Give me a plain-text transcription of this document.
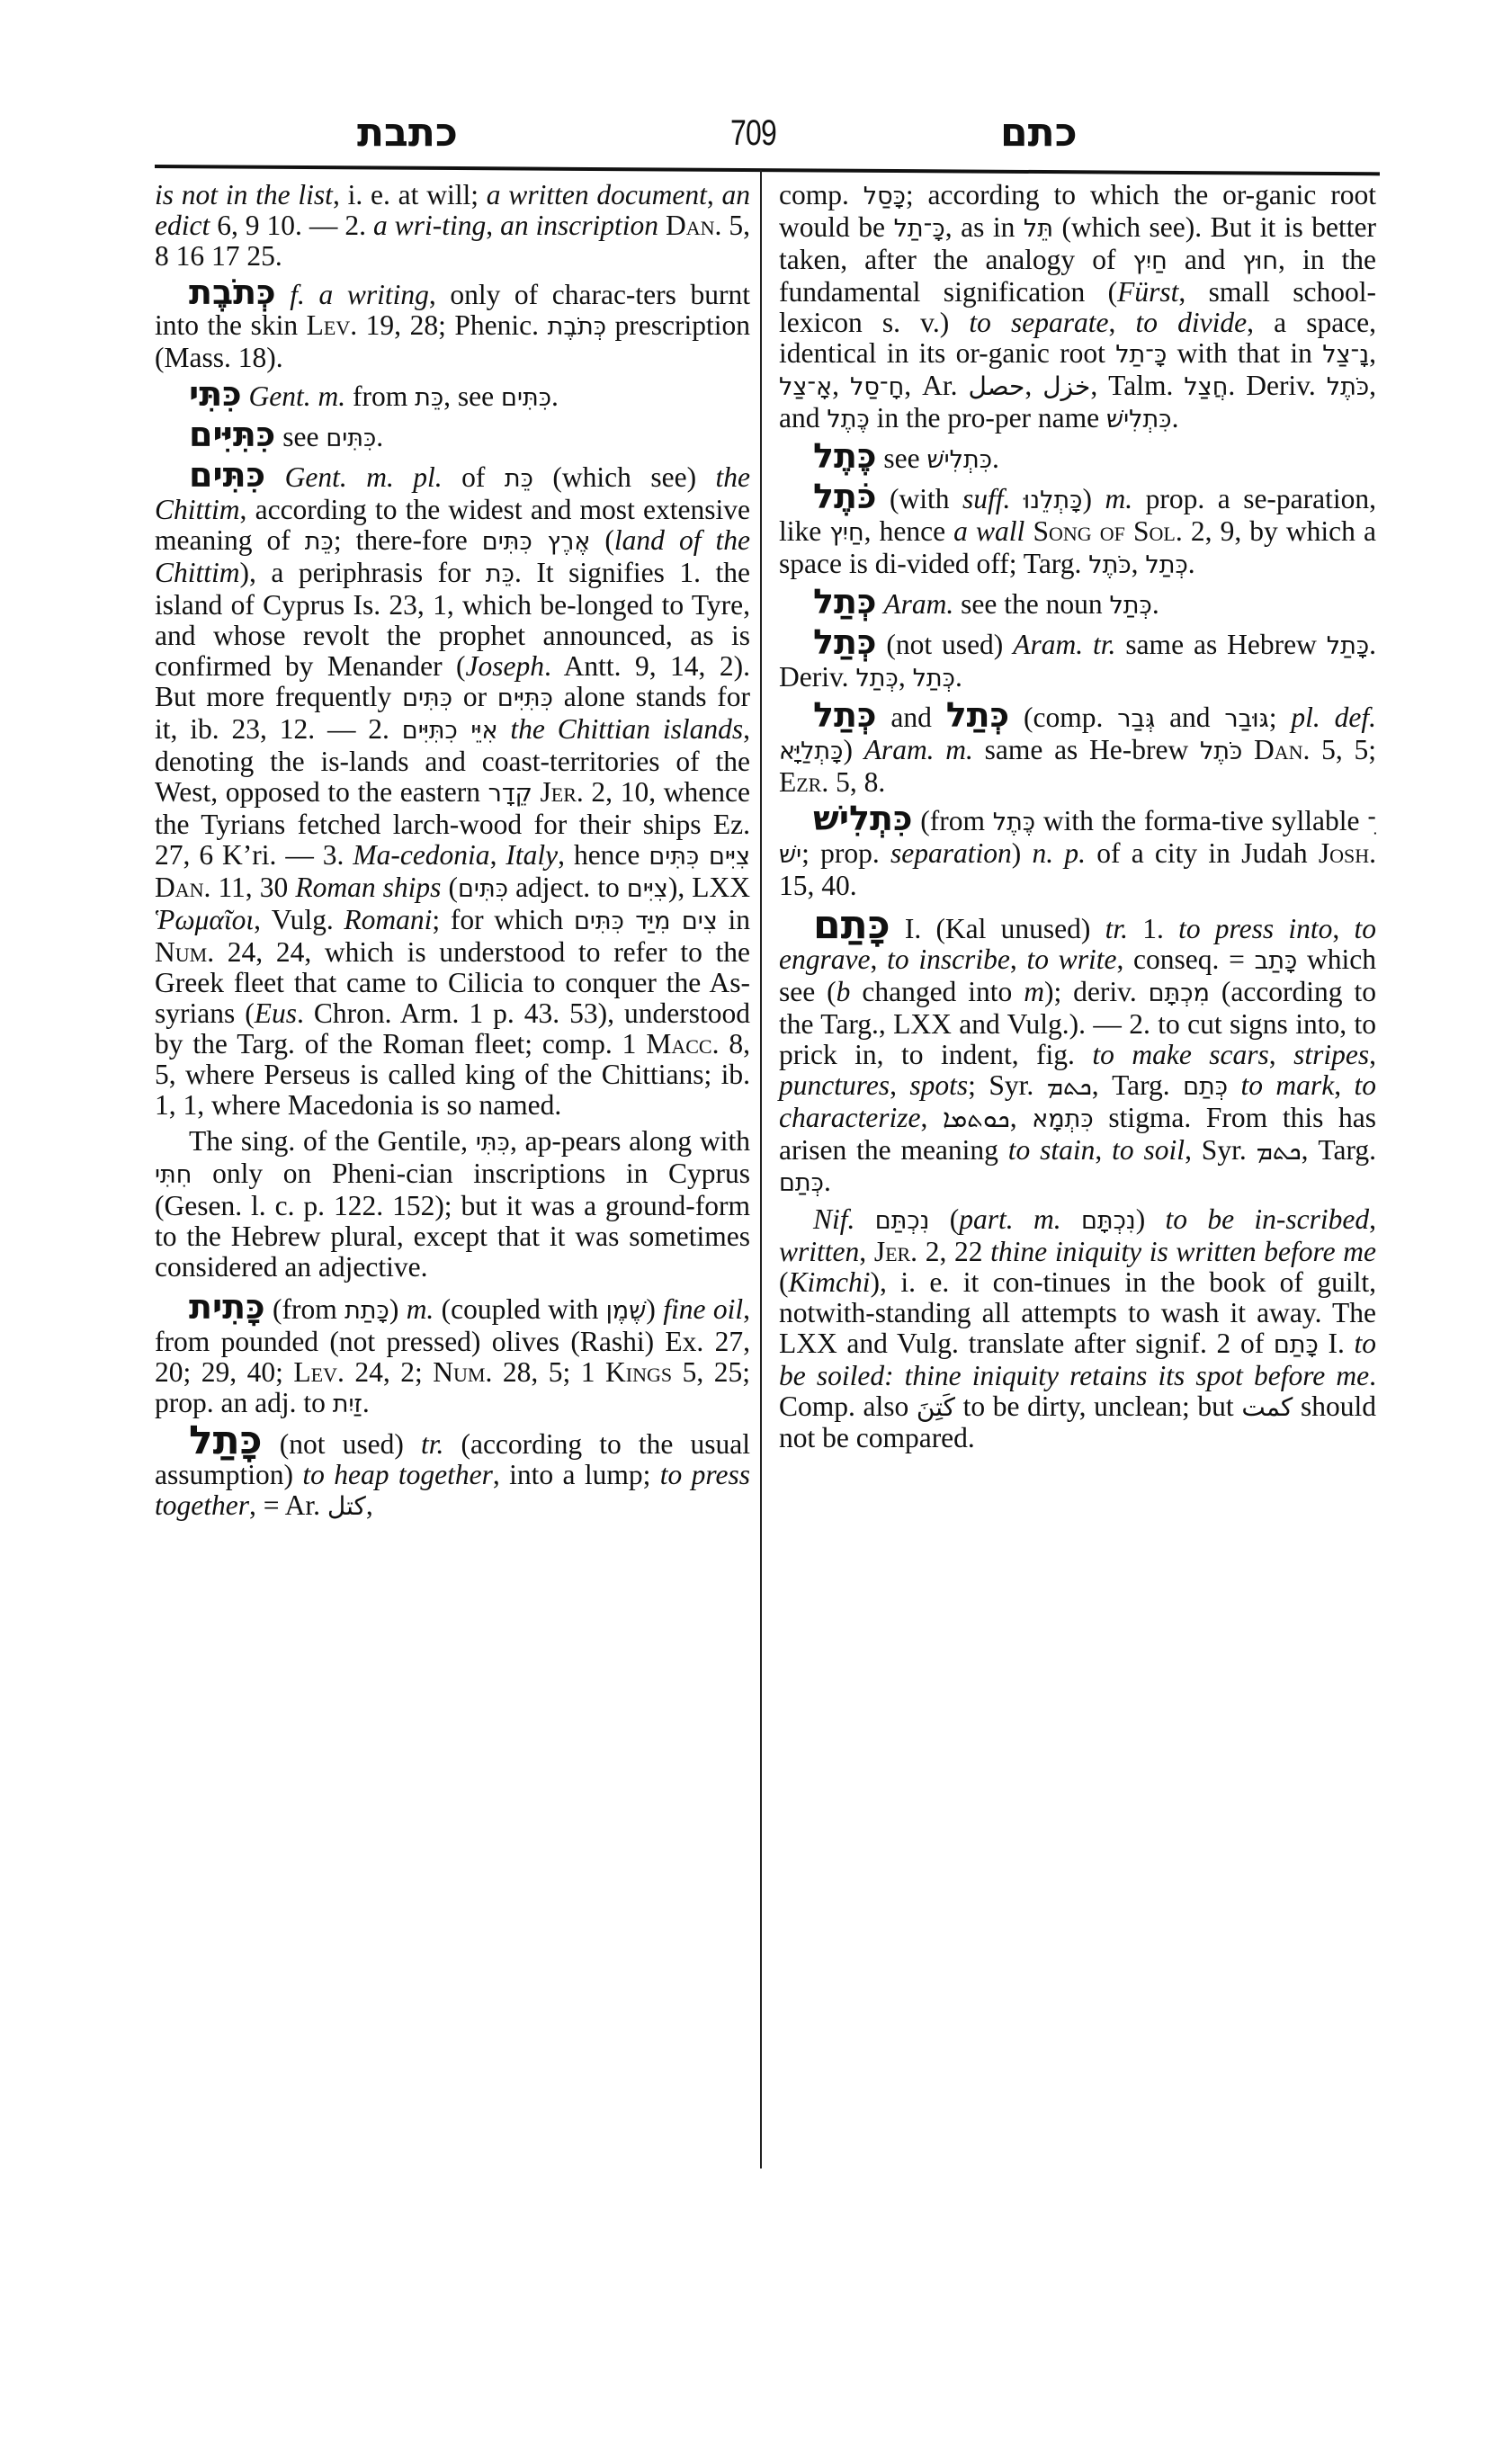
כתבת	709	כתם

is not in the list, i. e. at will; a written document, an edict 6, 9 10. — 2. a wri-ting, an inscription Dan. 5, 8 16 17 25.

כְּתֹבֶת f. a writing, only of charac-ters burnt into the skin Lev. 19, 28; Phenic. כְּתֹבֶת prescription (Mass. 18).

כִּתִּי Gent. m. from כֵּת, see כִּתִּים.

כִּתִּיִּים see כִּתִּים.

כִּתִּים Gent. m. pl. of כֵּת (which see) the Chittim, according to the widest and most extensive meaning of כֵּת; there-fore אֶרֶץ כִּתִּים (land of the Chittim), a periphrasis for כֵּת. It signifies 1. the island of Cyprus Is. 23, 1, which be-longed to Tyre, and whose revolt the prophet announced, as is confirmed by Menander (Joseph. Antt. 9, 14, 2). But more frequently כִּתִּים or כִּתִּיִּים alone stands for it, ib. 23, 12. — 2. אִיֵּי כִתִּיִּים the Chittian islands, denoting the is-lands and coast-territories of the West, opposed to the eastern קֵדָר Jer. 2, 10, whence the Tyrians fetched larch-wood for their ships Ez. 27, 6 K’ri. — 3. Ma-cedonia, Italy, hence צִיִּים כִּתִּים Dan. 11, 30 Roman ships (כִּתִּים adject. to צִיִּים), LXX Ῥωμαῖοι, Vulg. Romani; for which צִים מִיַּד כִּתִּים in Num. 24, 24, which is understood to refer to the Greek fleet that came to Cilicia to conquer the As-syrians (Eus. Chron. Arm. 1 p. 43. 53), understood by the Targ. of the Roman fleet; comp. 1 Macc. 8, 5, where Perseus is called king of the Chittians; ib. 1, 1, where Macedonia is so named.

The sing. of the Gentile, כִּתִּי, ap-pears along with חִתִּי only on Pheni-cian inscriptions in Cyprus (Gesen. l. c. p. 122. 152); but it was a ground-form to the Hebrew plural, except that it was sometimes considered an adjective.

כָּתִית (from כָּתַת) m. (coupled with שֶׁמֶן) fine oil, from pounded (not pressed) olives (Rashi) Ex. 27, 20; 29, 40; Lev. 24, 2; Num. 28, 5; 1 Kings 5, 25; prop. an adj. to זַיִת.

כָּתַל (not used) tr. (according to the usual assumption) to heap together, into a lump; to press together, = Ar. كتل,

comp. כָּסַל; according to which the or-ganic root would be כָּ־תַל, as in תֵּל (which see). But it is better taken, after the analogy of חַיִץ and חוּץ, in the fundamental signification (Fürst, small school-lexicon s. v.) to separate, to divide, a space, identical in its or-ganic root כָּ־תַל with that in נָ־צַל, אָ־צַל, חָ־סַל, Ar. حصل, خزل, Talm. חֲצַל. Deriv. כֹּתֶל, and כֶּתֶל in the pro-per name כִּתְלִישׁ.

כֶּתֶל see כִּתְלִישׁ.

כֹּתֶל (with suff. כָּתְלֵנוּ) m. prop. a se-paration, like חַיִץ, hence a wall Song of Sol. 2, 9, by which a space is di-vided off; Targ. כֹּתֶל, כְּתַל.

כְּתַל Aram. see the noun כְּתַל.

כְּתַל (not used) Aram. tr. same as Hebrew כָּתַל. Deriv. כְּתַל, כְּתַל.

כְּתַל and כְּתַל (comp. גְּבַר and גּוּבַר; pl. def. כָּתְלַיָּא) Aram. m. same as He-brew כֹּתֶל Dan. 5, 5; Ezr. 5, 8.

כִּתְלִישׁ (from כֶּתֶל with the forma-tive syllable ־ִישׁ; prop. separation) n. p. of a city in Judah Josh. 15, 40.

כָּתַם I. (Kal unused) tr. 1. to press into, to engrave, to inscribe, to write, conseq. = כָּתַב which see (b changed into m); deriv. מִכְתָּם (according to the Targ., LXX and Vulg.). — 2. to cut signs into, to prick in, to indent, fig. to make scars, stripes, punctures, spots; Syr. ܟܬܡ, Targ. כְּתַם to mark, to characterize, ܟܘܬܡܐ, כִּתְמָא stigma. From this has arisen the meaning to stain, to soil, Syr. ܟܬܡ, Targ. כְּתַם.

Nif. נִכְתַּם (part. m. נִכְתָּם) to be in-scribed, written, Jer. 2, 22 thine iniquity is written before me (Kimchi), i. e. it con-tinues in the book of guilt, notwith-standing all attempts to wash it away. The LXX and Vulg. translate after signif. 2 of כָּתַם I. to be soiled: thine iniquity retains its spot before me. Comp. also كَتِنَ to be dirty, unclean; but كمت should not be compared.
